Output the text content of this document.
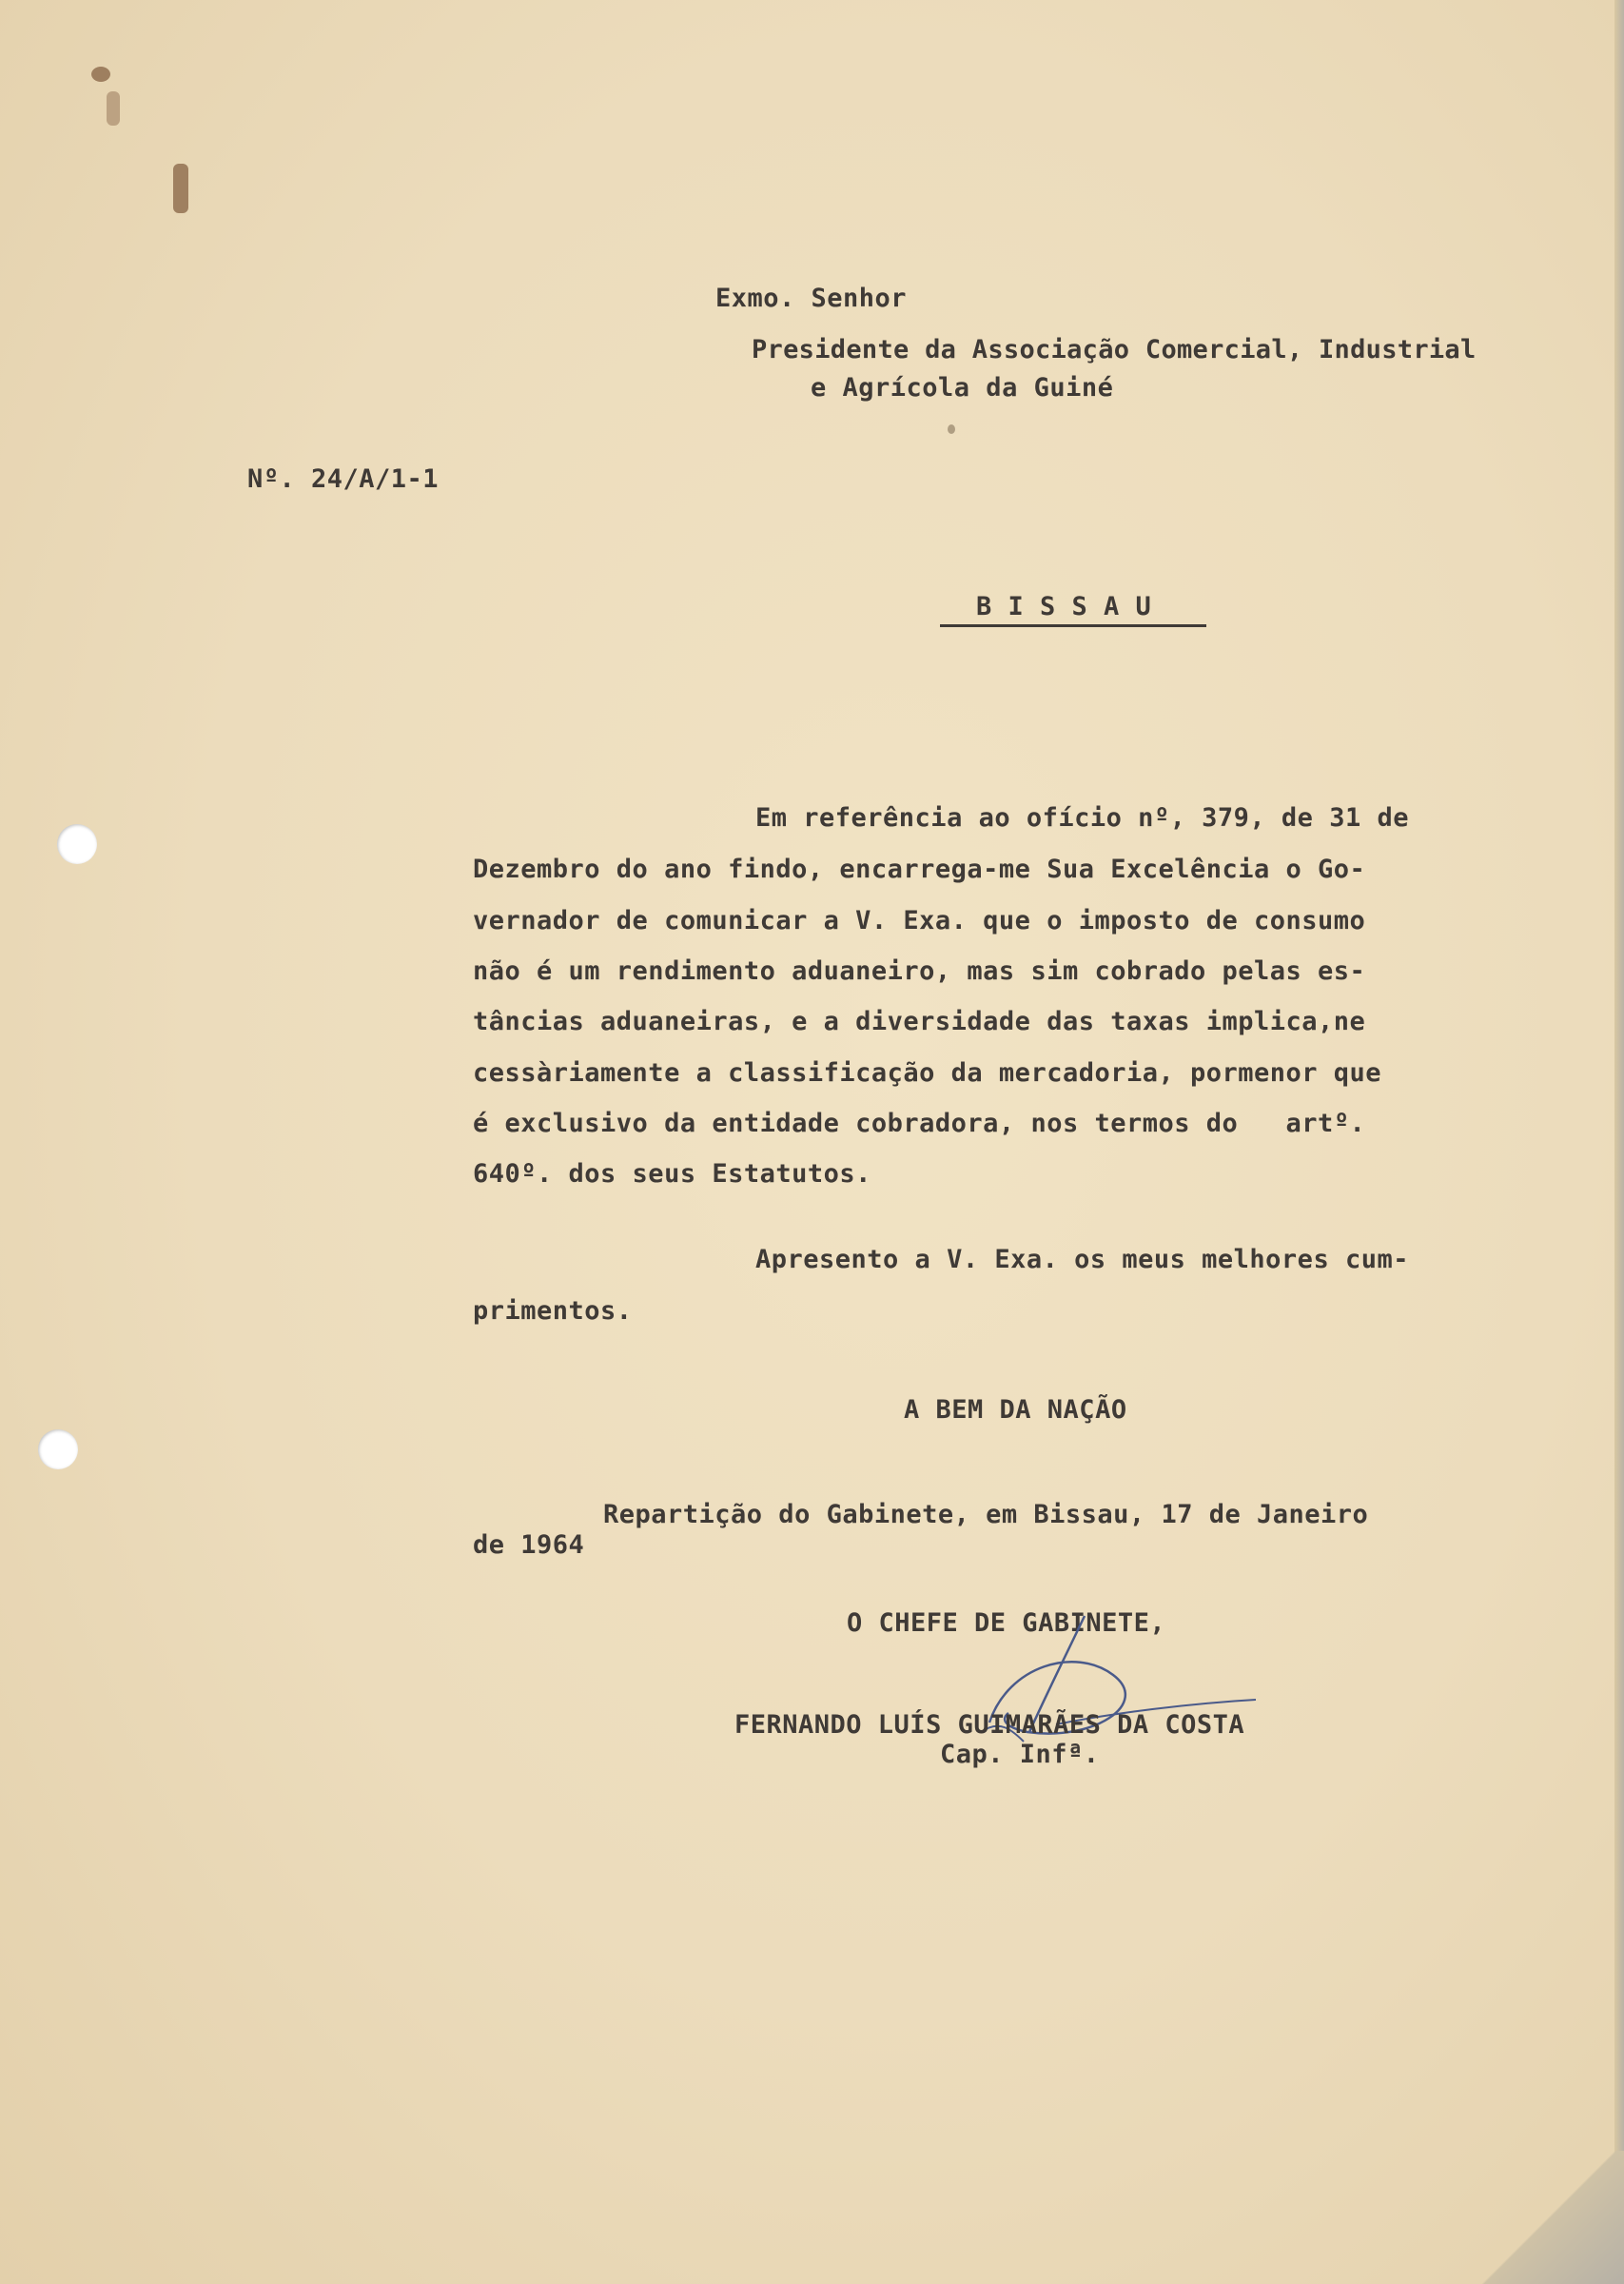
Exmo. Senhor

Presidente da Associação Comercial, Industrial

e Agrícola da Guiné

Nº. 24/A/1-1

B I S S A U

Em referência ao ofício nº, 379, de 31 de

Dezembro do ano findo, encarrega-me Sua Excelência o Go-

vernador de comunicar a V. Exa. que o imposto de consumo

não é um rendimento aduaneiro, mas sim cobrado pelas es-

tâncias aduaneiras, e a diversidade das taxas implica,ne

cessàriamente a classificação da mercadoria, pormenor que

é exclusivo da entidade cobradora, nos termos do   artº.

640º. dos seus Estatutos.

Apresento a V. Exa. os meus melhores cum-

primentos.

A BEM DA NAÇÃO

Repartição do Gabinete, em Bissau, 17 de Janeiro

de 1964

O CHEFE DE GABINETE,

FERNANDO LUÍS GUIMARÃES DA COSTA

Cap. Infª.
